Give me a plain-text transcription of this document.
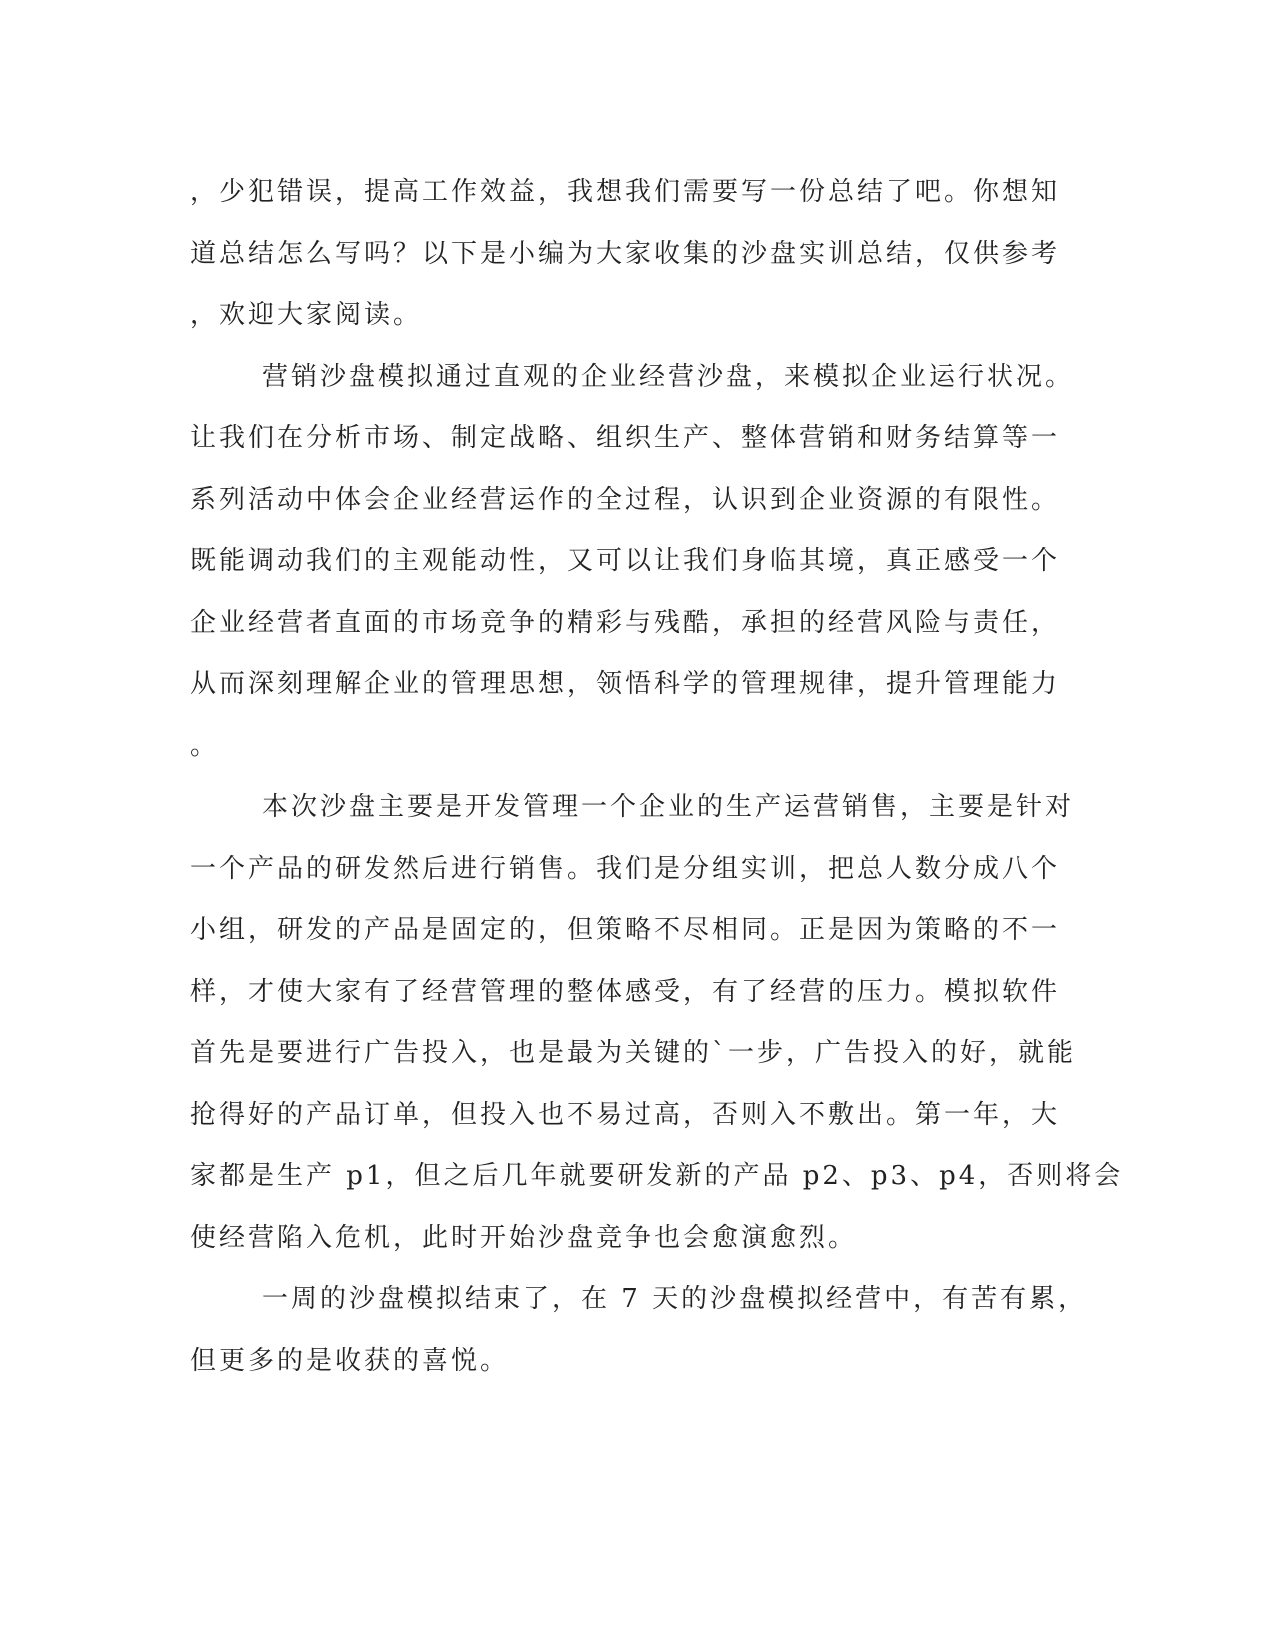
，少犯错误，提高工作效益，我想我们需要写一份总结了吧。你想知
道总结怎么写吗？以下是小编为大家收集的沙盘实训总结，仅供参考
，欢迎大家阅读。
营销沙盘模拟通过直观的企业经营沙盘，来模拟企业运行状况。
让我们在分析市场、制定战略、组织生产、整体营销和财务结算等一
系列活动中体会企业经营运作的全过程，认识到企业资源的有限性。
既能调动我们的主观能动性，又可以让我们身临其境，真正感受一个
企业经营者直面的市场竞争的精彩与残酷，承担的经营风险与责任，
从而深刻理解企业的管理思想，领悟科学的管理规律，提升管理能力
。
本次沙盘主要是开发管理一个企业的生产运营销售，主要是针对
一个产品的研发然后进行销售。我们是分组实训，把总人数分成八个
小组，研发的产品是固定的，但策略不尽相同。正是因为策略的不一
样，才使大家有了经营管理的整体感受，有了经营的压力。模拟软件
首先是要进行广告投入，也是最为关键的`一步，广告投入的好，就能
抢得好的产品订单，但投入也不易过高，否则入不敷出。第一年，大
家都是生产 p1，但之后几年就要研发新的产品 p2、p3、p4，否则将会
使经营陷入危机，此时开始沙盘竞争也会愈演愈烈。
一周的沙盘模拟结束了，在 7 天的沙盘模拟经营中，有苦有累，
但更多的是收获的喜悦。
